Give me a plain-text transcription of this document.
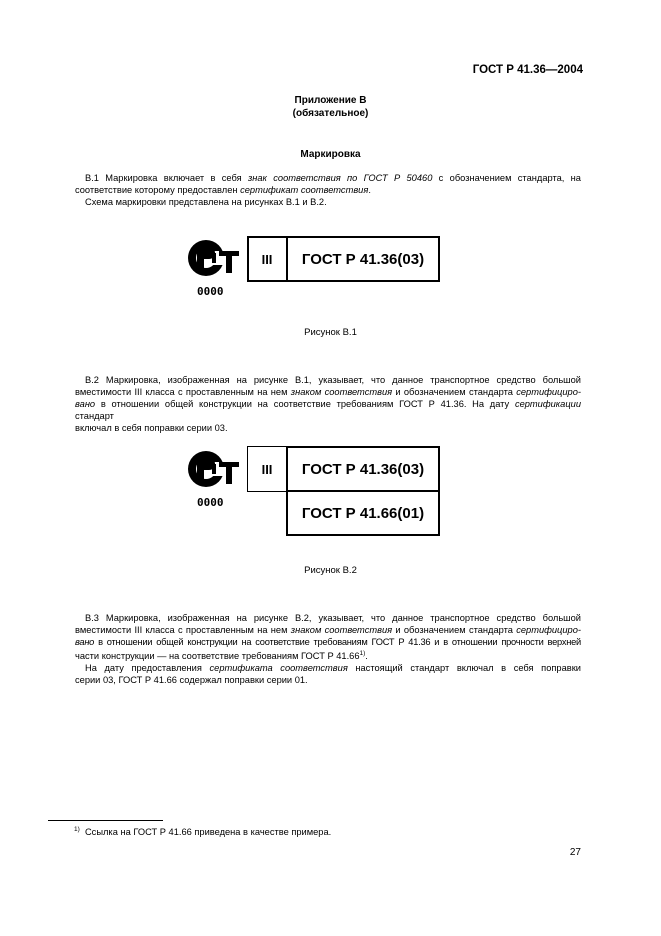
ГОСТ Р 41.36—2004
Приложение В
(обязательное)
Маркировка
В.1 Маркировка включает в себя знак соответствия по ГОСТ Р 50460 с обозначением стандарта, на
соответствие которому предоставлен сертификат соответствия.
Схема маркировки представлена на рисунках В.1 и В.2.
0000
III	ГОСТ Р 41.36(03)
Рисунок В.1
В.2 Маркировка, изображенная на рисунке В.1, указывает, что данное транспортное средство большой
вместимости III класса с проставленным на нем знаком соответствия и обозначением стандарта сертифициро-
вано в отношении общей конструкции на соответствие требованиям ГОСТ Р 41.36. На дату сертификации стандарт
включал в себя поправки серии 03.
0000
III	ГОСТ Р 41.36(03)
ГОСТ Р 41.66(01)
Рисунок В.2
В.3 Маркировка, изображенная на рисунке В.2, указывает, что данное транспортное средство большой
вместимости III класса с проставленным на нем знаком соответствия и обозначением стандарта сертифициро-
вано в отношении общей конструкции на соответствие требованиям ГОСТ Р 41.36 и в отношении прочности верхней
части конструкции — на соответствие требованиям ГОСТ Р 41.66$^{1)}$.
На дату предоставления сертификата соответствия настоящий стандарт включал в себя поправки
серии 03, ГОСТ Р 41.66 содержал поправки серии 01.
$^{1)}$ Ссылка на ГОСТ Р 41.66 приведена в качестве примера.
27
